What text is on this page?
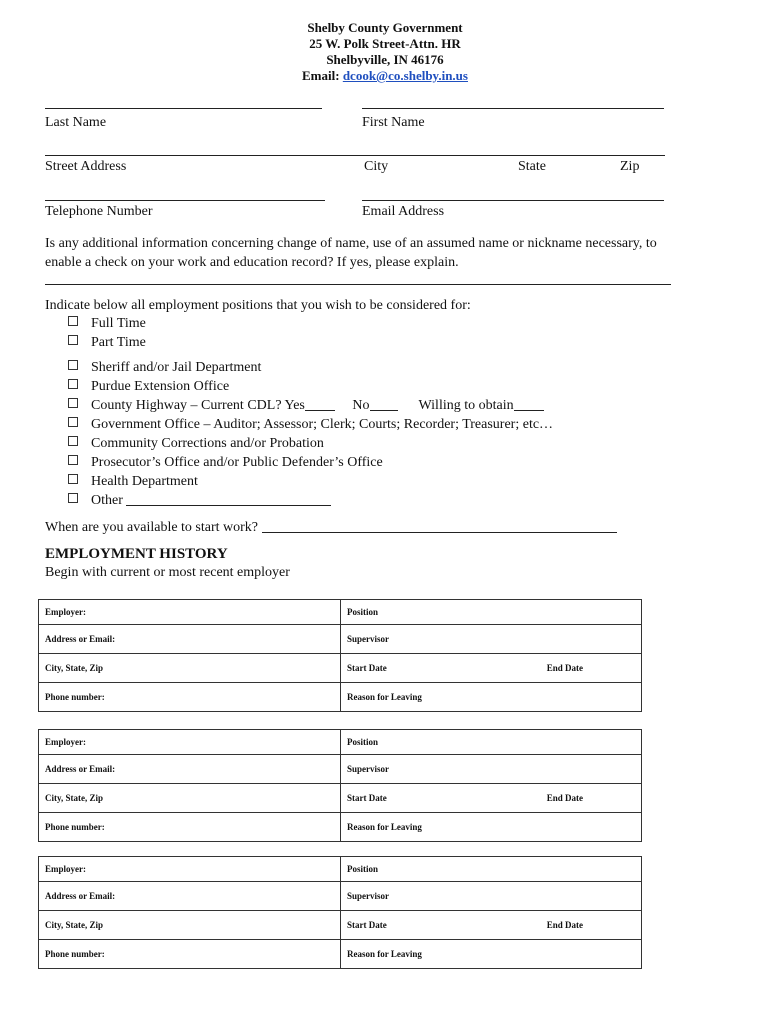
Shelby County Government
25 W. Polk Street-Attn. HR
Shelbyville, IN 46176
Email: dcook@co.shelby.in.us
Last Name	First Name
Street Address	City	State	Zip
Telephone Number	Email Address
Is any additional information concerning change of name, use of an assumed name or nickname necessary, to enable a check on your work and education record? If yes, please explain.
Indicate below all employment positions that you wish to be considered for:
Full Time
Part Time
Sheriff and/or Jail Department
Purdue Extension Office
County Highway – Current CDL? Yes	No	Willing to obtain
Government Office – Auditor; Assessor; Clerk; Courts; Recorder; Treasurer; etc…
Community Corrections and/or Probation
Prosecutor’s Office and/or Public Defender’s Office
Health Department
Other
When are you available to start work?
EMPLOYMENT HISTORY
Begin with current or most recent employer
Employer:	Position
Address or Email:	Supervisor
City, State, Zip	Start Date End Date
Phone number:	Reason for Leaving
Employer:	Position
Address or Email:	Supervisor
City, State, Zip	Start Date End Date
Phone number:	Reason for Leaving
Employer:	Position
Address or Email:	Supervisor
City, State, Zip	Start Date End Date
Phone number:	Reason for Leaving
